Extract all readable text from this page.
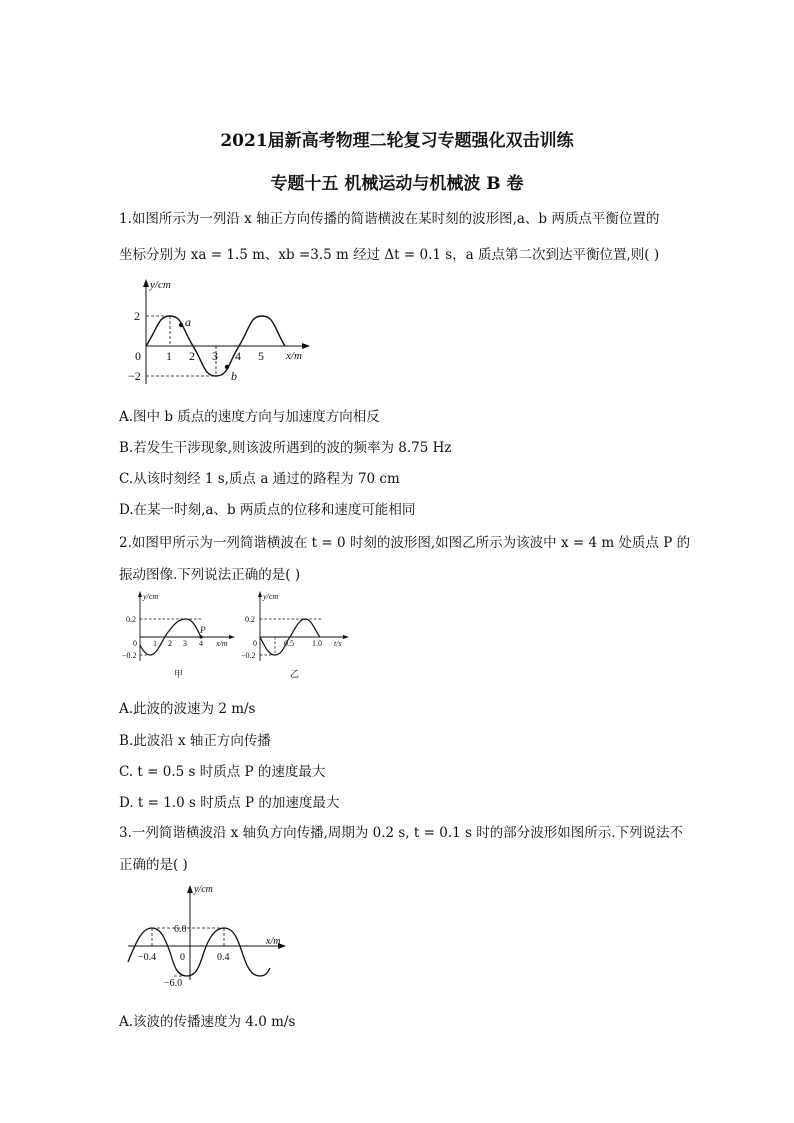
2021届新高考物理二轮复习专题强化双击训练
专题十五 机械运动与机械波 B 卷
1.如图所示为一列沿 x 轴正方向传播的简谐横波在某时刻的波形图,a、b 两质点平衡位置的
坐标分别为 xa = 1.5 m、xb =3.5 m 经过 Δt = 0.1 s，a 质点第二次到达平衡位置,则( )
a
b
y/cm
x/m
2
−2
0 1 2 3 4 5
A.图中 b 质点的速度方向与加速度方向相反
B.若发生干涉现象,则该波所遇到的波的频率为 8.75 Hz
C.从该时刻经 1 s,质点 a 通过的路程为 70 cm
D.在某一时刻,a、b 两质点的位移和速度可能相同
2.如图甲所示为一列简谐横波在 t = 0 时刻的波形图,如图乙所示为该波中 x = 4 m 处质点 P 的
振动图像.下列说法正确的是( )
P
y/cm
x/m
0.2
−0.2
0 1 2 3 4
甲
y/cm
t/s
0.2
−0.2
0	0.5 1.0
乙
A.此波的波速为 2 m/s
B.此波沿 x 轴正方向传播
C. t = 0.5 s 时质点 P 的速度最大
D. t = 1.0 s 时质点 P 的加速度最大
3.一列简谐横波沿 x 轴负方向传播,周期为 0.2 s, t = 0.1 s 时的部分波形如图所示.下列说法不
正确的是( )
y/cm
x/m
6.0
−6.0
0
−0.4	0.4
A.该波的传播速度为 4.0 m/s
